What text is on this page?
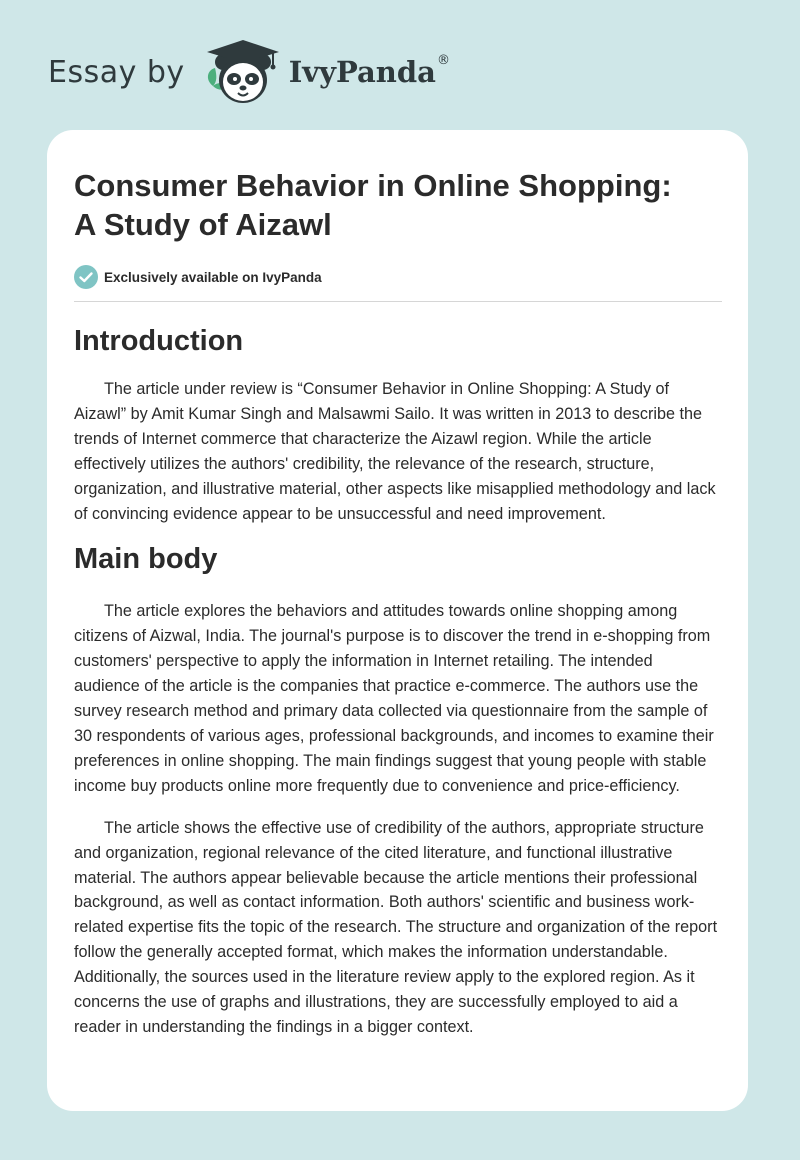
Essay by	IvyPanda ®
Consumer Behavior in Online Shopping:
A Study of Aizawl
Exclusively available on IvyPanda
Introduction

The article under review is “Consumer Behavior in Online Shopping: A Study of Aizawl” by Amit Kumar Singh and Malsawmi Sailo. It was written in 2013 to describe the trends of Internet commerce that characterize the Aizawl region. While the article effectively utilizes the authors' credibility, the relevance of the research, structure, organization, and illustrative material, other aspects like misapplied methodology and lack of convincing evidence appear to be unsuccessful and need improvement.

Main body

The article explores the behaviors and attitudes towards online shopping among citizens of Aizwal, India. The journal's purpose is to discover the trend in e-shopping from customers' perspective to apply the information in Internet retailing. The intended audience of the article is the companies that practice e-commerce. The authors use the survey research method and primary data collected via questionnaire from the sample of 30 respondents of various ages, professional backgrounds, and incomes to examine their preferences in online shopping. The main findings suggest that young people with stable income buy products online more frequently due to convenience and price-efficiency.

The article shows the effective use of credibility of the authors, appropriate structure and organization, regional relevance of the cited literature, and functional illustrative material. The authors appear believable because the article mentions their professional background, as well as contact information. Both authors' scientific and business work-related expertise fits the topic of the research. The structure and organization of the report follow the generally accepted format, which makes the information understandable. Additionally, the sources used in the literature review apply to the explored region. As it concerns the use of graphs and illustrations, they are successfully employed to aid a reader in understanding the findings in a bigger context.
